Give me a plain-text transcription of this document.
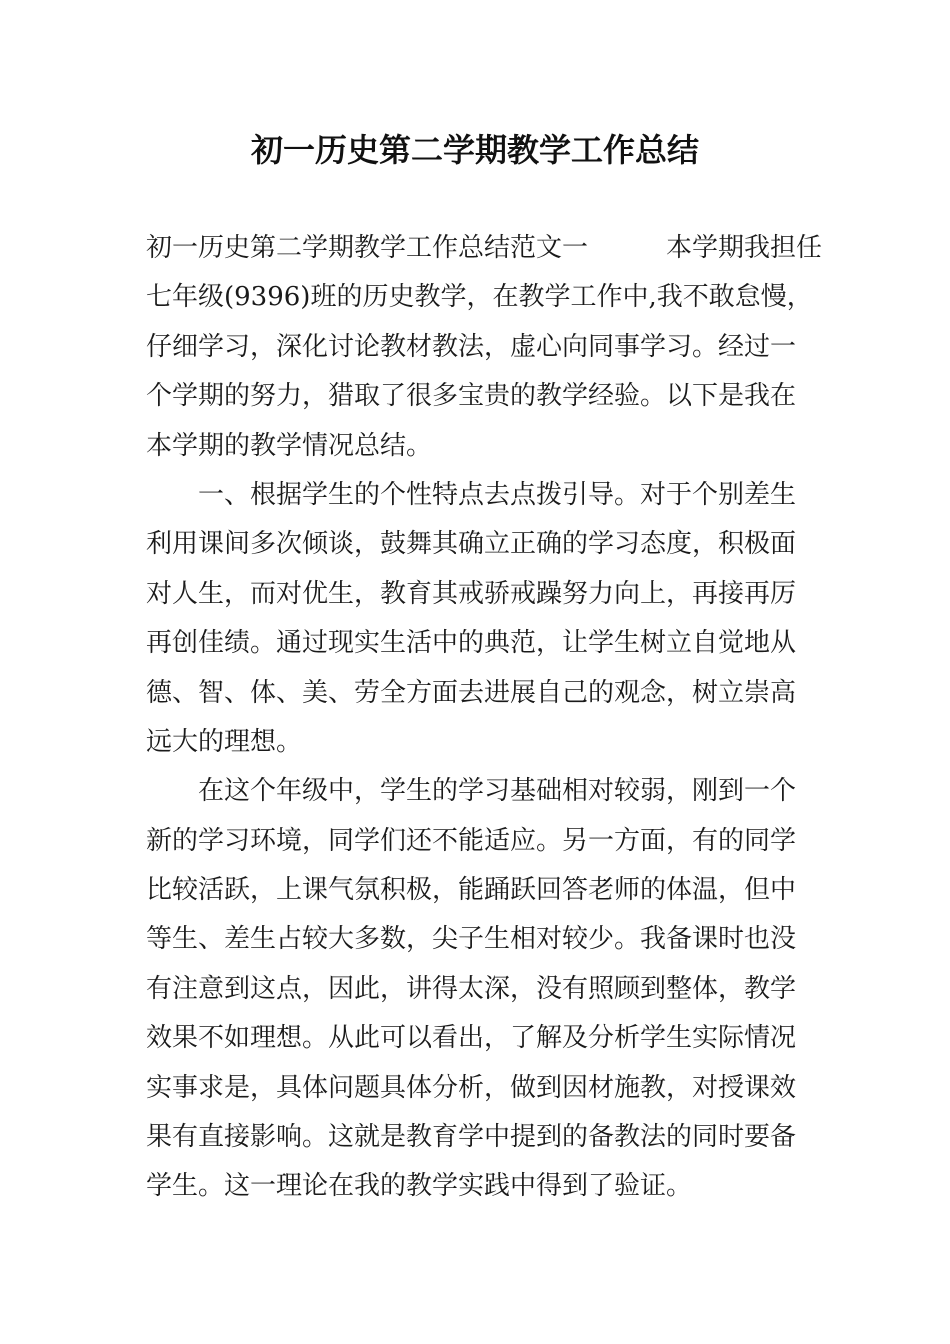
初一历史第二学期教学工作总结
初一历史第二学期教学工作总结范文一　　　本学期我担任
七年级(9396)班的历史教学，在教学工作中,我不敢怠慢，
仔细学习，深化讨论教材教法，虚心向同事学习。经过一
个学期的努力，猎取了很多宝贵的教学经验。以下是我在
本学期的教学情况总结。
　　一、根据学生的个性特点去点拨引导。对于个别差生
利用课间多次倾谈，鼓舞其确立正确的学习态度，积极面
对人生，而对优生，教育其戒骄戒躁努力向上，再接再厉
再创佳绩。通过现实生活中的典范，让学生树立自觉地从
德、智、体、美、劳全方面去进展自己的观念，树立崇高
远大的理想。
　　在这个年级中，学生的学习基础相对较弱，刚到一个
新的学习环境，同学们还不能适应。另一方面，有的同学
比较活跃，上课气氛积极，能踊跃回答老师的体温，但中
等生、差生占较大多数，尖子生相对较少。我备课时也没
有注意到这点，因此，讲得太深，没有照顾到整体，教学
效果不如理想。从此可以看出，了解及分析学生实际情况
实事求是，具体问题具体分析，做到因材施教，对授课效
果有直接影响。这就是教育学中提到的备教法的同时要备
学生。这一理论在我的教学实践中得到了验证。
